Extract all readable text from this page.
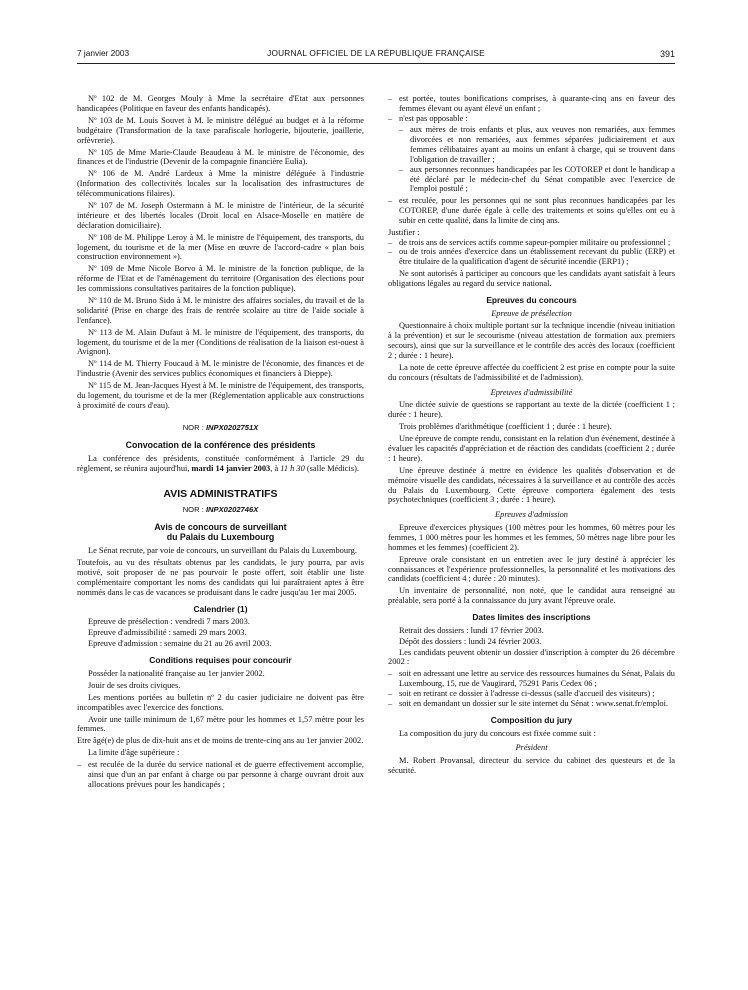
7 janvier 2003	JOURNAL OFFICIEL DE LA RÉPUBLIQUE FRANÇAISE	391

Nº 102 de M. Georges Mouly à Mme la secrétaire d'Etat aux personnes handicapées (Politique en faveur des enfants handicapés).

Nº 103 de M. Louis Souvet à M. le ministre délégué au budget et à la réforme budgétaire (Transformation de la taxe parafiscale horlogerie, bijouterie, joaillerie, orfèvrerie).

Nº 105 de Mme Marie-Claude Beaudeau à M. le ministre de l'économie, des finances et de l'industrie (Devenir de la compagnie financière Eulia).

Nº 106 de M. André Lardeux à Mme la ministre déléguée à l'industrie (Information des collectivités locales sur la localisation des infrastructures de télécommunications filaires).

Nº 107 de M. Joseph Ostermann à M. le ministre de l'intérieur, de la sécurité intérieure et des libertés locales (Droit local en Alsace-Moselle en matière de déclaration domiciliaire).

Nº 108 de M. Philippe Leroy à M. le ministre de l'équipement, des transports, du logement, du tourisme et de la mer (Mise en œuvre de l'accord-cadre « plan bois construction environnement »).

Nº 109 de Mme Nicole Borvo à M. le ministre de la fonction publique, de la réforme de l'Etat et de l'aménagement du territoire (Organisation des élections pour les commissions consultatives paritaires de la fonction publique).

Nº 110 de M. Bruno Sido à M. le ministre des affaires sociales, du travail et de la solidarité (Prise en charge des frais de rentrée scolaire au titre de l'aide sociale à l'enfance).

Nº 113 de M. Alain Dufaut à M. le ministre de l'équipement, des transports, du logement, du tourisme et de la mer (Conditions de réalisation de la liaison est-ouest à Avignon).

Nº 114 de M. Thierry Foucaud à M. le ministre de l'économie, des finances et de l'industrie (Avenir des services publics économiques et financiers à Dieppe).

Nº 115 de M. Jean-Jacques Hyest à M. le ministre de l'équipement, des transports, du logement, du tourisme et de la mer (Réglementation applicable aux constructions à proximité de cours d'eau).

NOR : INPX0202751X
Convocation de la conférence des présidents

La conférence des présidents, constituée conformément à l'article 29 du règlement, se réunira aujourd'hui, mardi 14 janvier 2003, à 11 h 30 (salle Médicis).

AVIS ADMINISTRATIFS
NOR : INPX0202746X
Avis de concours de surveillant
du Palais du Luxembourg

Le Sénat recrute, par voie de concours, un surveillant du Palais du Luxembourg.

Toutefois, au vu des résultats obtenus par les candidats, le jury pourra, par avis motivé, soit proposer de ne pas pourvoir le poste offert, soit établir une liste complémentaire comportant les noms des candidats qui lui paraîtraient aptes à être nommés dans le cas de vacances se produisant dans le cadre jusqu'au 1er mai 2005.

Calendrier (1)

Epreuve de présélection : vendredi 7 mars 2003.

Epreuve d'admissibilité : samedi 29 mars 2003.

Epreuve d'admission : semaine du 21 au 26 avril 2003.

Conditions requises pour concourir

Posséder la nationalité française au 1er janvier 2002.

Jouir de ses droits civiques.

Les mentions portées au bulletin nº 2 du casier judiciaire ne doivent pas être incompatibles avec l'exercice des fonctions.

Avoir une taille minimum de 1,67 mètre pour les hommes et 1,57 mètre pour les femmes.

Etre âgé(e) de plus de dix-huit ans et de moins de trente-cinq ans au 1er janvier 2002.

La limite d'âge supérieure :

– est reculée de la durée du service national et de guerre effectivement accomplie, ainsi que d'un an par enfant à charge ou par personne à charge ouvrant droit aux allocations prévues pour les handicapés ;
– est portée, toutes bonifications comprises, à quarante-cinq ans en faveur des femmes élevant ou ayant élevé un enfant ;
– n'est pas opposable :
– aux mères de trois enfants et plus, aux veuves non remariées, aux femmes divorcées et non remariées, aux femmes séparées judiciairement et aux femmes célibataires ayant au moins un enfant à charge, qui se trouvent dans l'obligation de travailler ;
– aux personnes reconnues handicapées par les COTOREP et dont le handicap a été déclaré par le médecin-chef du Sénat compatible avec l'exercice de l'emploi postulé ;
– est reculée, pour les personnes qui ne sont plus reconnues handicapées par les COTOREP, d'une durée égale à celle des traitements et soins qu'elles ont eu à subir en cette qualité, dans la limite de cinq ans.
Justifier :
– de trois ans de services actifs comme sapeur-pompier militaire ou professionnel ;
– ou de trois années d'exercice dans un établissement recevant du public (ERP) et être titulaire de la qualification d'agent de sécurité incendie (ERP1) ;

Ne sont autorisés à participer au concours que les candidats ayant satisfait à leurs obligations légales au regard du service national.

Epreuves du concours
Epreuve de présélection

Questionnaire à choix multiple portant sur la technique incendie (niveau initiation à la prévention) et sur le secourisme (niveau attestation de formation aux premiers secours), ainsi que sur la surveillance et le contrôle des accès des locaux (coefficient 2 ; durée : 1 heure).

La note de cette épreuve affectée du coefficient 2 est prise en compte pour la suite du concours (résultats de l'admissibilité et de l'admission).

Epreuves d'admissibilité

Une dictée suivie de questions se rapportant au texte de la dictée (coefficient 1 ; durée : 1 heure).

Trois problèmes d'arithmétique (coefficient 1 ; durée : 1 heure).

Une épreuve de compte rendu, consistant en la relation d'un événement, destinée à évaluer les capacités d'appréciation et de réaction des candidats (coefficient 2 ; durée : 1 heure).

Une épreuve destinée à mettre en évidence les qualités d'observation et de mémoire visuelle des candidats, nécessaires à la surveillance et au contrôle des accès du Palais du Luxembourg. Cette épreuve comportera également des tests psychotechniques (coefficient 3 ; durée : 1 heure).

Epreuves d'admission

Epreuve d'exercices physiques (100 mètres pour les hommes, 60 mètres pour les femmes, 1 000 mètres pour les hommes et les femmes, 50 mètres nage libre pour les hommes et les femmes) (coefficient 2).

Epreuve orale consistant en un entretien avec le jury destiné à apprécier les connaissances et l'expérience professionnelles, la personnalité et les motivations des candidats (coefficient 4 ; durée : 20 minutes).

Un inventaire de personnalité, non noté, que le candidat aura renseigné au préalable, sera porté à la connaissance du jury avant l'épreuve orale.

Dates limites des inscriptions

Retrait des dossiers : lundi 17 février 2003.

Dépôt des dossiers : lundi 24 février 2003.

Les candidats peuvent obtenir un dossier d'inscription à compter du 26 décembre 2002 :

– soit en adressant une lettre au service des ressources humaines du Sénat, Palais du Luxembourg, 15, rue de Vaugirard, 75291 Paris Cedex 06 ;
– soit en retirant ce dossier à l'adresse ci-dessus (salle d'accueil des visiteurs) ;
– soit en demandant un dossier sur le site internet du Sénat : www.senat.fr/emploi.
Composition du jury

La composition du jury du concours est fixée comme suit :

Président

M. Robert Provansal, directeur du service du cabinet des questeurs et de la sécurité.
